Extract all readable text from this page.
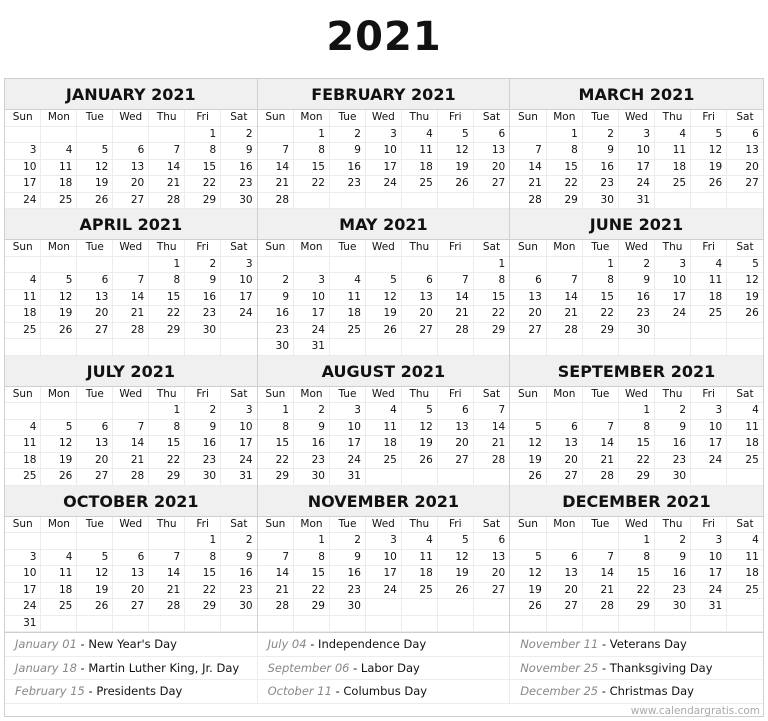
2021
JANUARY 2021
Sun	Mon	Tue	Wed	Thu	Fri	Sat
					1	2
3	4	5	6	7	8	9
10	11	12	13	14	15	16
17	18	19	20	21	22	23
24	25	26	27	28	29	30
FEBRUARY 2021
Sun	Mon	Tue	Wed	Thu	Fri	Sat
	1	2	3	4	5	6
7	8	9	10	11	12	13
14	15	16	17	18	19	20
21	22	23	24	25	26	27
28						
MARCH 2021
Sun	Mon	Tue	Wed	Thu	Fri	Sat
	1	2	3	4	5	6
7	8	9	10	11	12	13
14	15	16	17	18	19	20
21	22	23	24	25	26	27
28	29	30	31			
APRIL 2021
Sun	Mon	Tue	Wed	Thu	Fri	Sat
				1	2	3
4	5	6	7	8	9	10
11	12	13	14	15	16	17
18	19	20	21	22	23	24
25	26	27	28	29	30	

MAY 2021
Sun	Mon	Tue	Wed	Thu	Fri	Sat
						1
2	3	4	5	6	7	8
9	10	11	12	13	14	15
16	17	18	19	20	21	22
23	24	25	26	27	28	29
30	31					
JUNE 2021
Sun	Mon	Tue	Wed	Thu	Fri	Sat
		1	2	3	4	5
6	7	8	9	10	11	12
13	14	15	16	17	18	19
20	21	22	23	24	25	26
27	28	29	30			

JULY 2021
Sun	Mon	Tue	Wed	Thu	Fri	Sat
				1	2	3
4	5	6	7	8	9	10
11	12	13	14	15	16	17
18	19	20	21	22	23	24
25	26	27	28	29	30	31
AUGUST 2021
Sun	Mon	Tue	Wed	Thu	Fri	Sat
1	2	3	4	5	6	7
8	9	10	11	12	13	14
15	16	17	18	19	20	21
22	23	24	25	26	27	28
29	30	31				
SEPTEMBER 2021
Sun	Mon	Tue	Wed	Thu	Fri	Sat
			1	2	3	4
5	6	7	8	9	10	11
12	13	14	15	16	17	18
19	20	21	22	23	24	25
26	27	28	29	30		
OCTOBER 2021
Sun	Mon	Tue	Wed	Thu	Fri	Sat
					1	2
3	4	5	6	7	8	9
10	11	12	13	14	15	16
17	18	19	20	21	22	23
24	25	26	27	28	29	30
31						
NOVEMBER 2021
Sun	Mon	Tue	Wed	Thu	Fri	Sat
	1	2	3	4	5	6
7	8	9	10	11	12	13
14	15	16	17	18	19	20
21	22	23	24	25	26	27
28	29	30				

DECEMBER 2021
Sun	Mon	Tue	Wed	Thu	Fri	Sat
			1	2	3	4
5	6	7	8	9	10	11
12	13	14	15	16	17	18
19	20	21	22	23	24	25
26	27	28	29	30	31	

January 01 - New Year's Day
January 18 - Martin Luther King, Jr. Day
February 15 - Presidents Day
July 04 - Independence Day
September 06 - Labor Day
October 11 - Columbus Day
November 11 - Veterans Day
November 25 - Thanksgiving Day
December 25 - Christmas Day
www.calendargratis.com
